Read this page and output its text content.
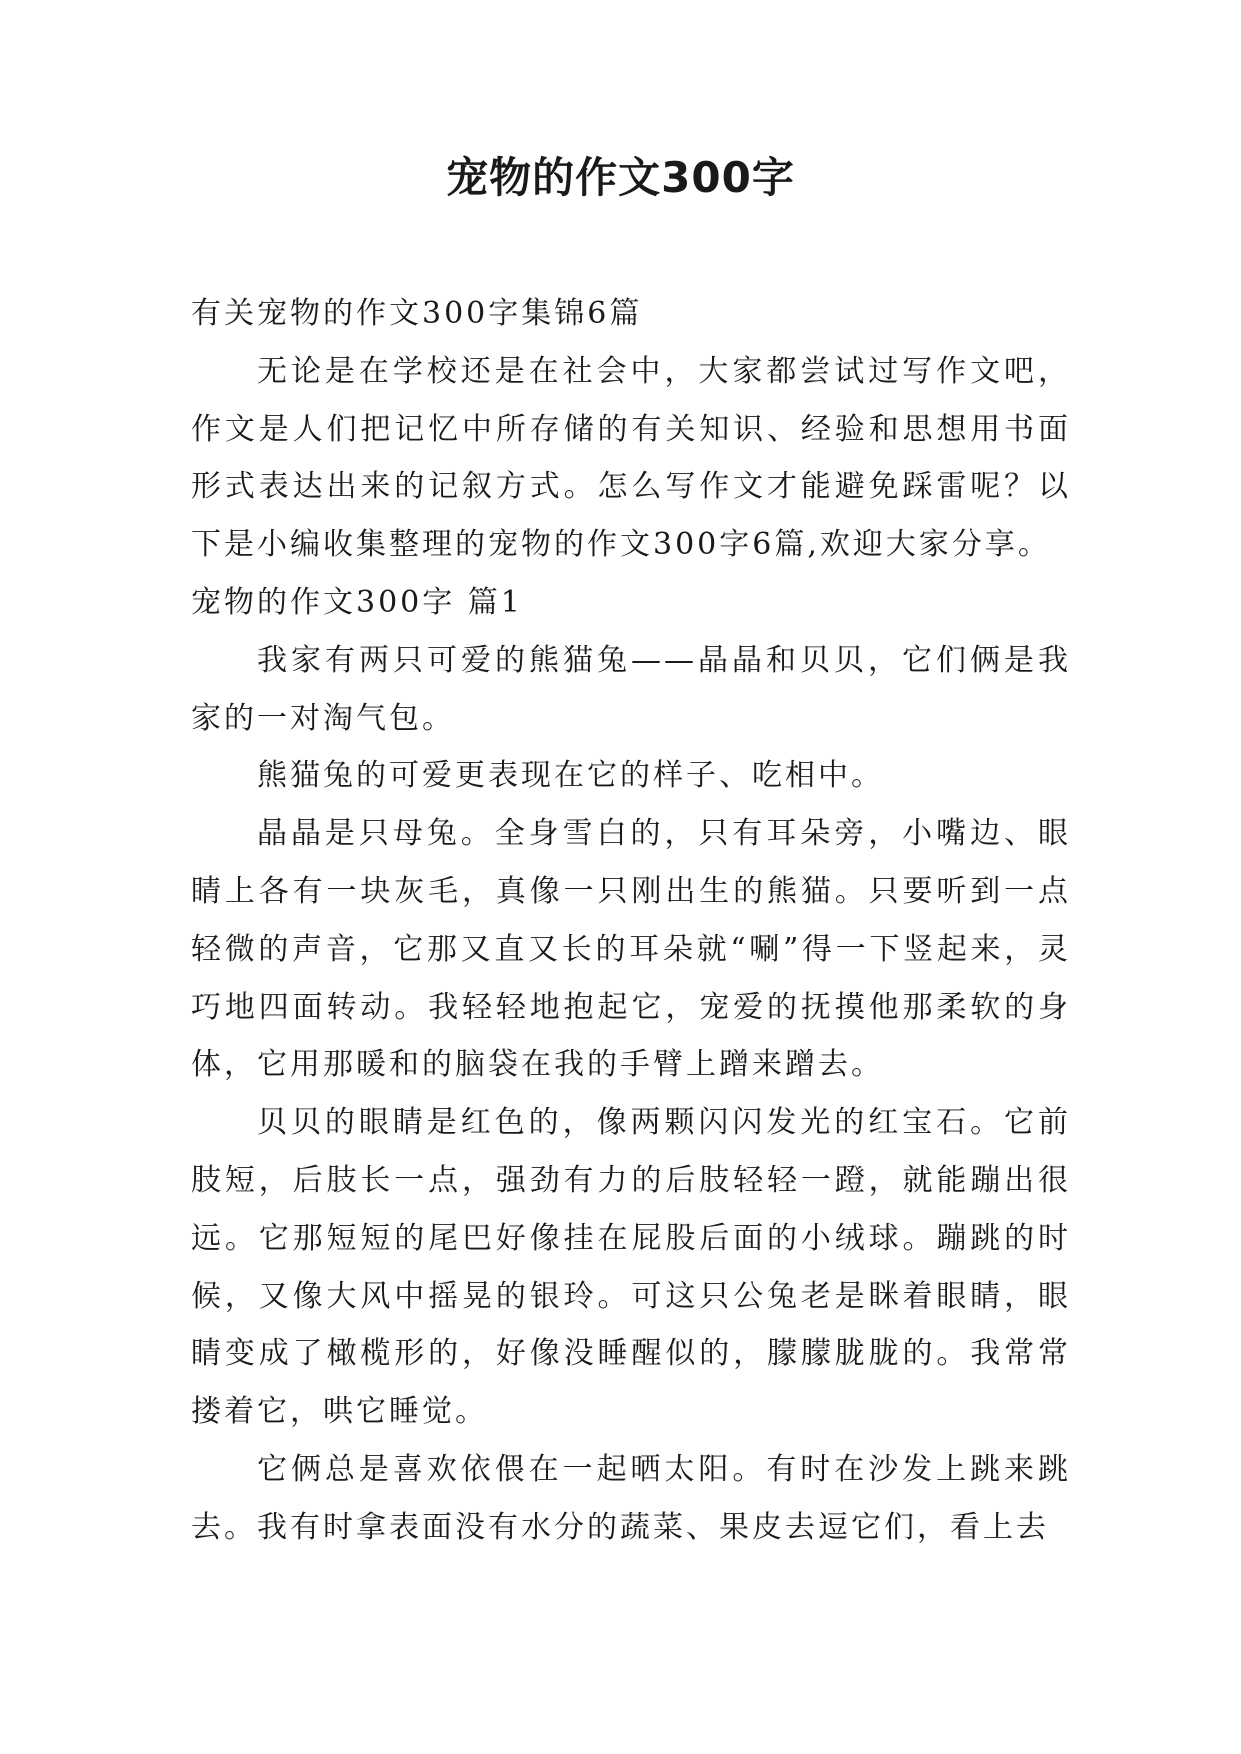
宠物的作文300字

有关宠物的作文300字集锦6篇

无论是在学校还是在社会中，大家都尝试过写作文吧，作文是人们把记忆中所存储的有关知识、经验和思想用书面形式表达出来的记叙方式。怎么写作文才能避免踩雷呢？以下是小编收集整理的宠物的作文300字6篇,欢迎大家分享。

宠物的作文300字 篇1

我家有两只可爱的熊猫兔——晶晶和贝贝，它们俩是我家的一对淘气包。

熊猫兔的可爱更表现在它的样子、吃相中。

晶晶是只母兔。全身雪白的，只有耳朵旁，小嘴边、眼睛上各有一块灰毛，真像一只刚出生的熊猫。只要听到一点轻微的声音，它那又直又长的耳朵就“唰”得一下竖起来，灵巧地四面转动。我轻轻地抱起它，宠爱的抚摸他那柔软的身体，它用那暖和的脑袋在我的手臂上蹭来蹭去。

贝贝的眼睛是红色的，像两颗闪闪发光的红宝石。它前肢短，后肢长一点，强劲有力的后肢轻轻一蹬，就能蹦出很远。它那短短的尾巴好像挂在屁股后面的小绒球。蹦跳的时候，又像大风中摇晃的银玲。可这只公兔老是眯着眼睛，眼睛变成了橄榄形的，好像没睡醒似的，朦朦胧胧的。我常常搂着它，哄它睡觉。

它俩总是喜欢依偎在一起晒太阳。有时在沙发上跳来跳去。我有时拿表面没有水分的蔬菜、果皮去逗它们，看上去
